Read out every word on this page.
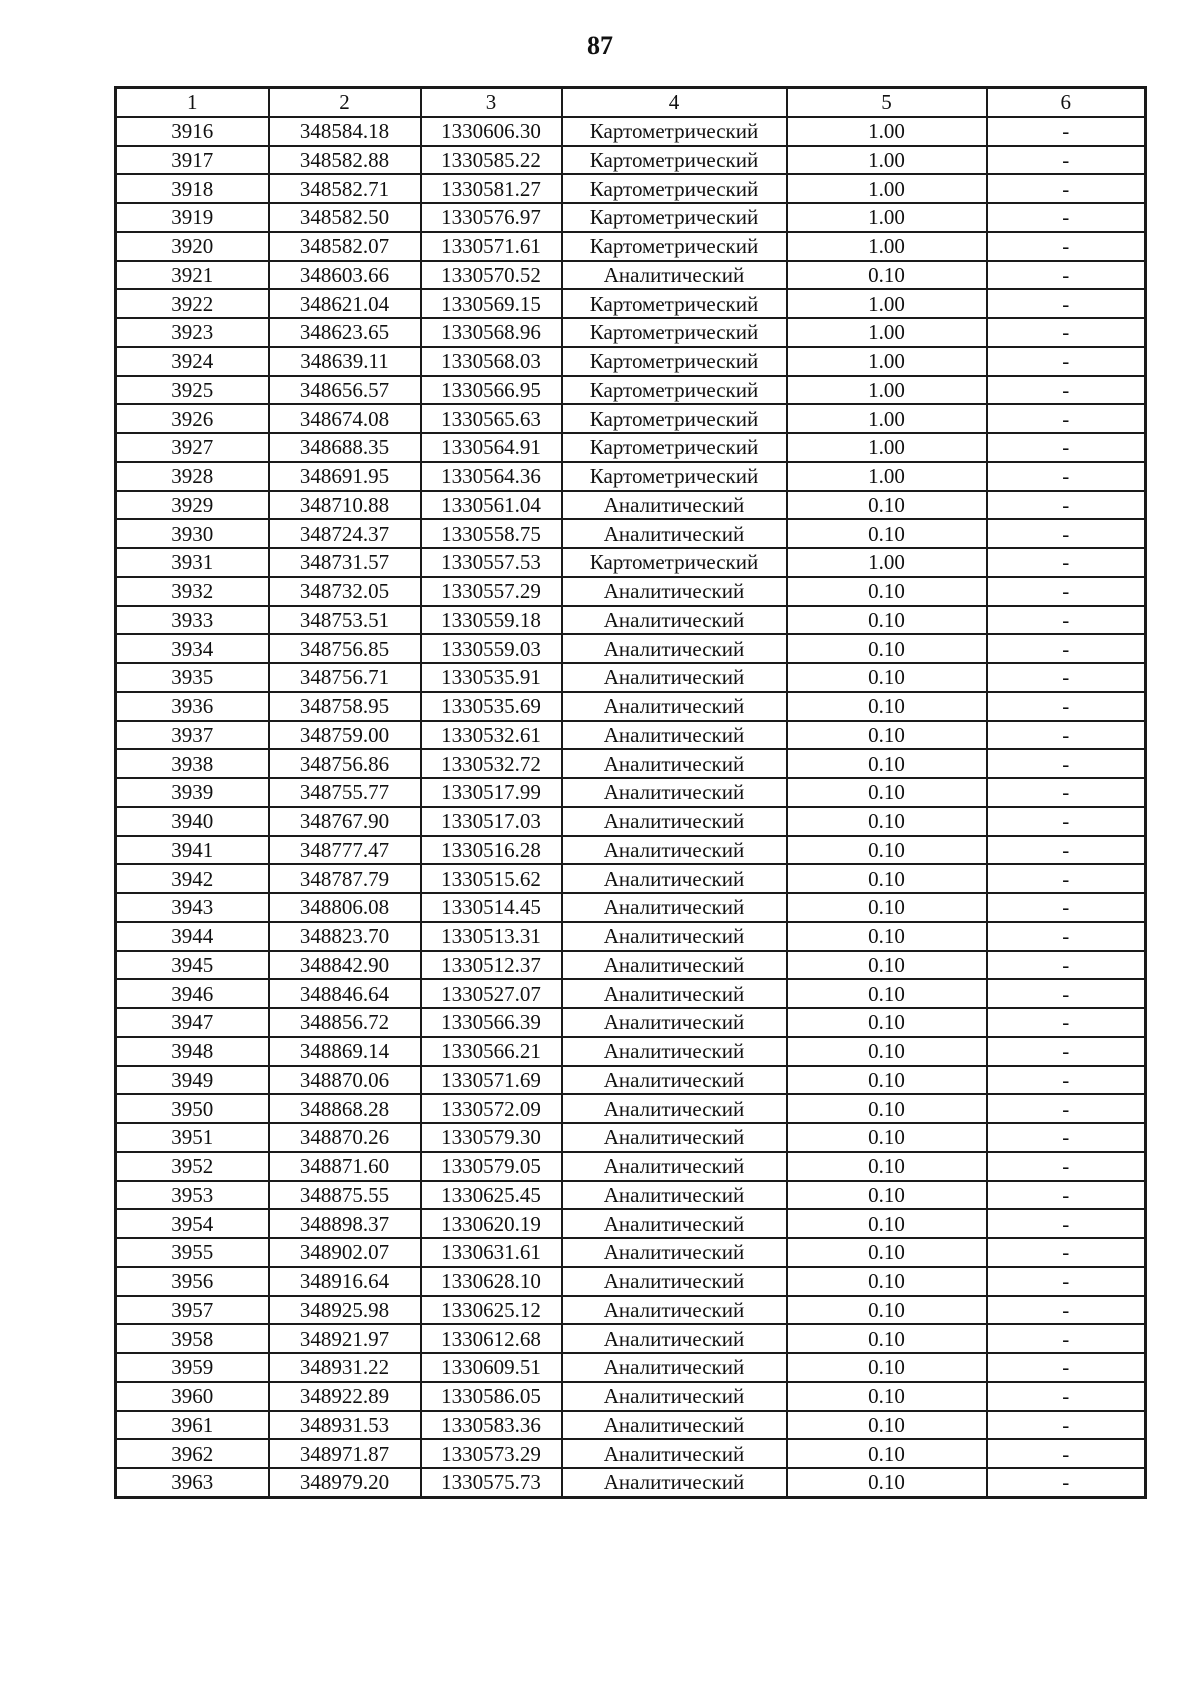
87
1	2	3	4	5	6
3916	348584.18	1330606.30	Картометрический	1.00	-
3917	348582.88	1330585.22	Картометрический	1.00	-
3918	348582.71	1330581.27	Картометрический	1.00	-
3919	348582.50	1330576.97	Картометрический	1.00	-
3920	348582.07	1330571.61	Картометрический	1.00	-
3921	348603.66	1330570.52	Аналитический	0.10	-
3922	348621.04	1330569.15	Картометрический	1.00	-
3923	348623.65	1330568.96	Картометрический	1.00	-
3924	348639.11	1330568.03	Картометрический	1.00	-
3925	348656.57	1330566.95	Картометрический	1.00	-
3926	348674.08	1330565.63	Картометрический	1.00	-
3927	348688.35	1330564.91	Картометрический	1.00	-
3928	348691.95	1330564.36	Картометрический	1.00	-
3929	348710.88	1330561.04	Аналитический	0.10	-
3930	348724.37	1330558.75	Аналитический	0.10	-
3931	348731.57	1330557.53	Картометрический	1.00	-
3932	348732.05	1330557.29	Аналитический	0.10	-
3933	348753.51	1330559.18	Аналитический	0.10	-
3934	348756.85	1330559.03	Аналитический	0.10	-
3935	348756.71	1330535.91	Аналитический	0.10	-
3936	348758.95	1330535.69	Аналитический	0.10	-
3937	348759.00	1330532.61	Аналитический	0.10	-
3938	348756.86	1330532.72	Аналитический	0.10	-
3939	348755.77	1330517.99	Аналитический	0.10	-
3940	348767.90	1330517.03	Аналитический	0.10	-
3941	348777.47	1330516.28	Аналитический	0.10	-
3942	348787.79	1330515.62	Аналитический	0.10	-
3943	348806.08	1330514.45	Аналитический	0.10	-
3944	348823.70	1330513.31	Аналитический	0.10	-
3945	348842.90	1330512.37	Аналитический	0.10	-
3946	348846.64	1330527.07	Аналитический	0.10	-
3947	348856.72	1330566.39	Аналитический	0.10	-
3948	348869.14	1330566.21	Аналитический	0.10	-
3949	348870.06	1330571.69	Аналитический	0.10	-
3950	348868.28	1330572.09	Аналитический	0.10	-
3951	348870.26	1330579.30	Аналитический	0.10	-
3952	348871.60	1330579.05	Аналитический	0.10	-
3953	348875.55	1330625.45	Аналитический	0.10	-
3954	348898.37	1330620.19	Аналитический	0.10	-
3955	348902.07	1330631.61	Аналитический	0.10	-
3956	348916.64	1330628.10	Аналитический	0.10	-
3957	348925.98	1330625.12	Аналитический	0.10	-
3958	348921.97	1330612.68	Аналитический	0.10	-
3959	348931.22	1330609.51	Аналитический	0.10	-
3960	348922.89	1330586.05	Аналитический	0.10	-
3961	348931.53	1330583.36	Аналитический	0.10	-
3962	348971.87	1330573.29	Аналитический	0.10	-
3963	348979.20	1330575.73	Аналитический	0.10	-
